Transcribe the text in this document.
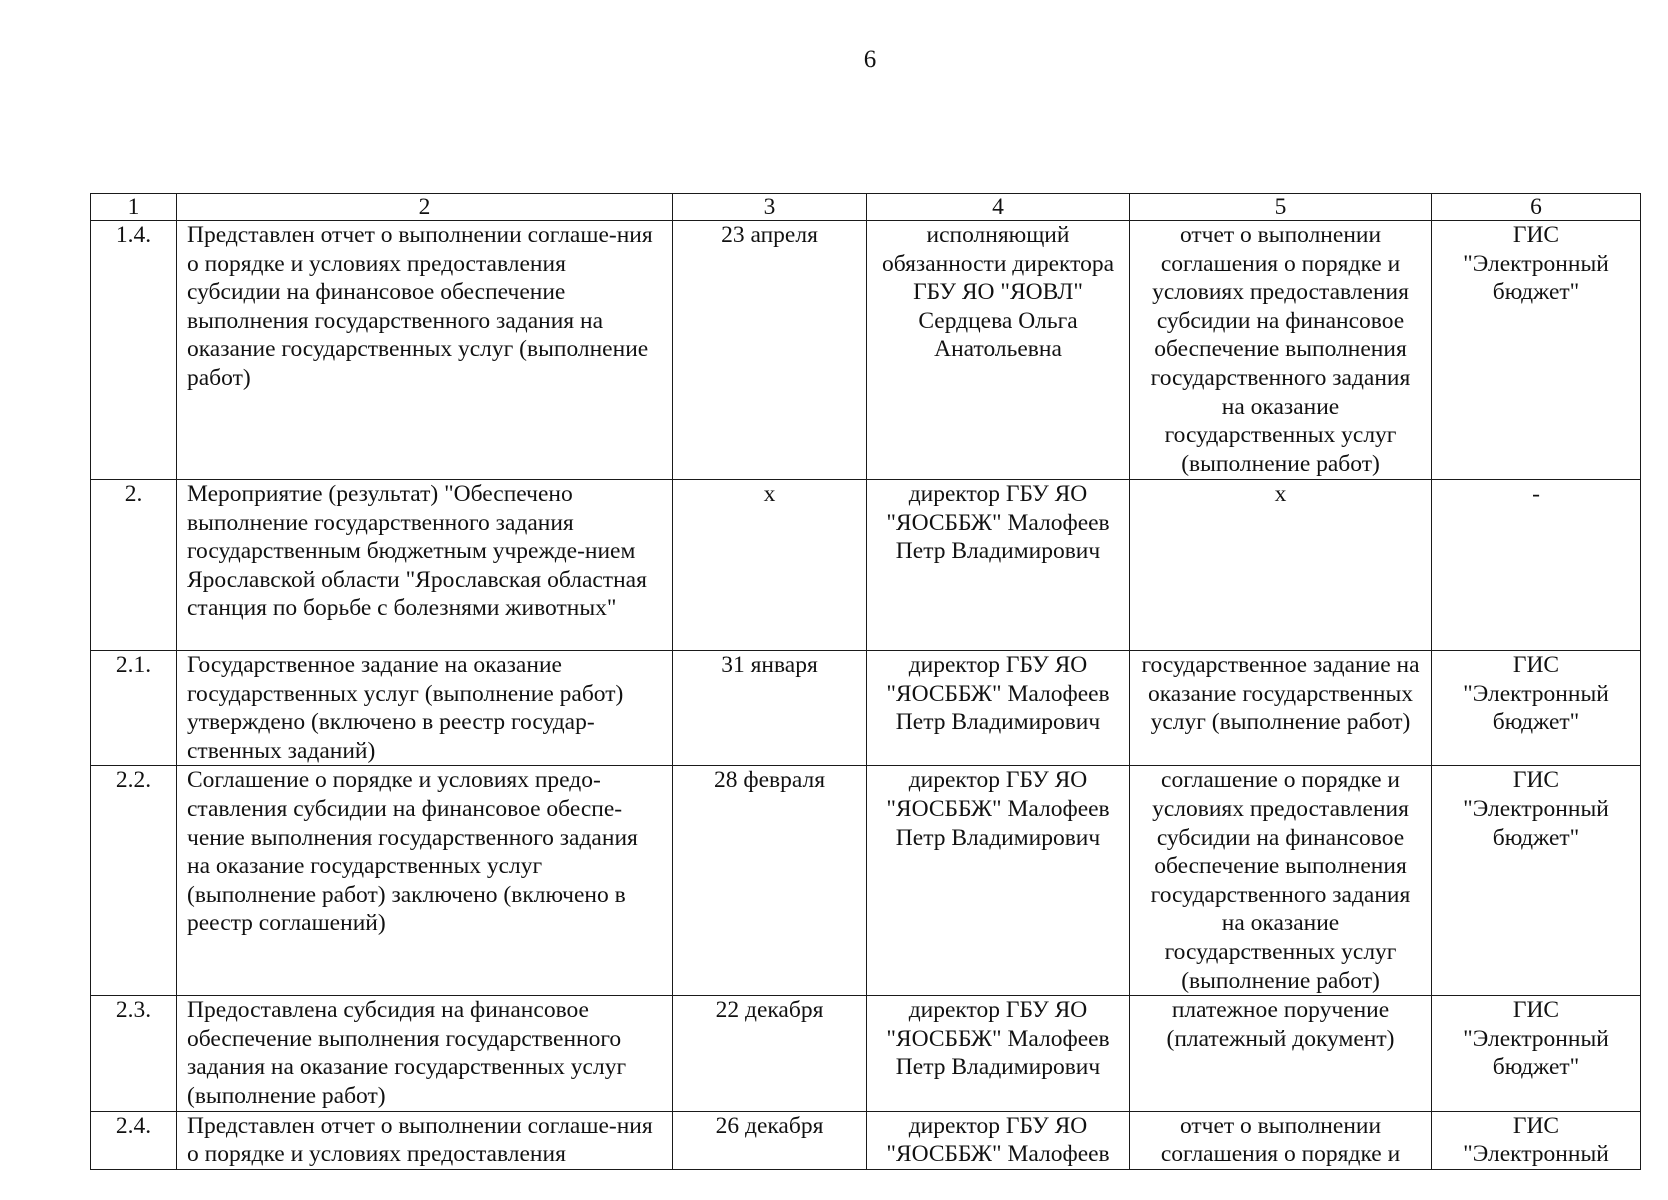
6
1	2	3	4	5	6
1.4.	Представлен отчет о выполнении соглаше-ния о порядке и условиях предоставления субсидии на финансовое обеспечение выполнения государственного задания на оказание государственных услуг (выполнение работ)	23 апреля	исполняющий обязанности директора ГБУ ЯО "ЯОВЛ" Сердцева Ольга Анатольевна	отчет о выполнении соглашения о порядке и условиях предоставления субсидии на финансовое обеспечение выполнения государственного задания на оказание государственных услуг (выполнение работ)	ГИС "Электронный бюджет"
2.	Мероприятие (результат) "Обеспечено выполнение государственного задания государственным бюджетным учрежде-нием Ярославской области "Ярославская областная станция по борьбе с болезнями животных"	х	директор ГБУ ЯО "ЯОСББЖ" Малофеев Петр Владимирович	х	-
2.1.	Государственное задание на оказание государственных услуг (выполнение работ) утверждено (включено в реестр государ-ственных заданий)	31 января	директор ГБУ ЯО "ЯОСББЖ" Малофеев Петр Владимирович	государственное задание на оказание государственных услуг (выполнение работ)	ГИС "Электронный бюджет"
2.2.	Соглашение о порядке и условиях предо-ставления субсидии на финансовое обеспе-чение выполнения государственного задания на оказание государственных услуг (выполнение работ) заключено (включено в реестр соглашений)	28 февраля	директор ГБУ ЯО "ЯОСББЖ" Малофеев Петр Владимирович	соглашение о порядке и условиях предоставления субсидии на финансовое обеспечение выполнения государственного задания на оказание государственных услуг (выполнение работ)	ГИС "Электронный бюджет"
2.3.	Предоставлена субсидия на финансовое обеспечение выполнения государственного задания на оказание государственных услуг (выполнение работ)	22 декабря	директор ГБУ ЯО "ЯОСББЖ" Малофеев Петр Владимирович	платежное поручение (платежный документ)	ГИС "Электронный бюджет"
2.4.	Представлен отчет о выполнении соглаше-ния о порядке и условиях предоставления	26 декабря	директор ГБУ ЯО "ЯОСББЖ" Малофеев	отчет о выполнении соглашения о порядке и	ГИС "Электронный
